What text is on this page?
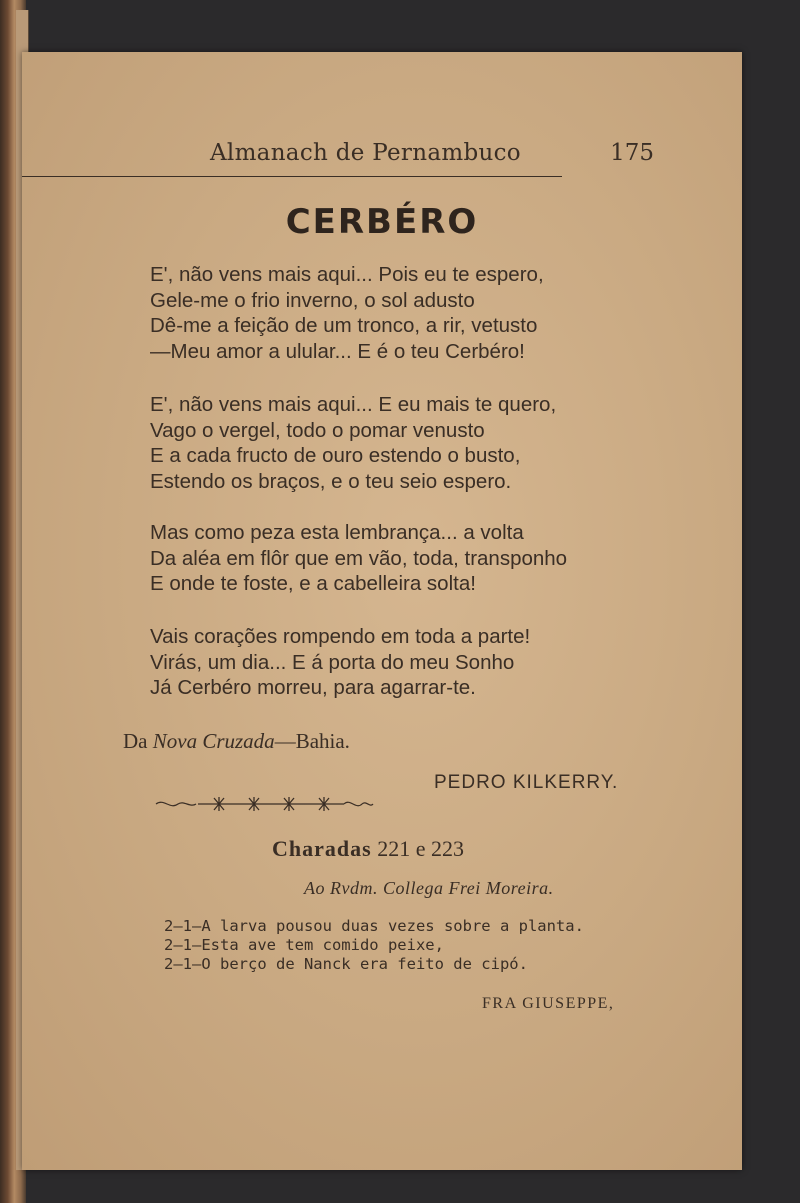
Almanach de Pernambuco	175
CERBÉRO
E', não vens mais aqui... Pois eu te espero,
Gele-me o frio inverno, o sol adusto
Dê-me a feição de um tronco, a rir, vetusto
—Meu amor a ulular... E é o teu Cerbéro!
E', não vens mais aqui... E eu mais te quero,
Vago o vergel, todo o pomar venusto
E a cada fructo de ouro estendo o busto,
Estendo os braços, e o teu seio espero.
Mas como peza esta lembrança... a volta
Da aléa em flôr que em vão, toda, transponho
E onde te foste, e a cabelleira solta!
Vais corações rompendo em toda a parte!
Virás, um dia... E á porta do meu Sonho
Já Cerbéro morreu, para agarrar-te.
Da Nova Cruzada—Bahia.
PEDRO KILKERRY.
Charadas 221 e 223
Ao Rvdm. Collega Frei Moreira.
2—1—A larva pousou duas vezes sobre a planta.
2—1—Esta ave tem comido peixe,
2—1—O berço de Nanck era feito de cipó.
FRA GIUSEPPE,
